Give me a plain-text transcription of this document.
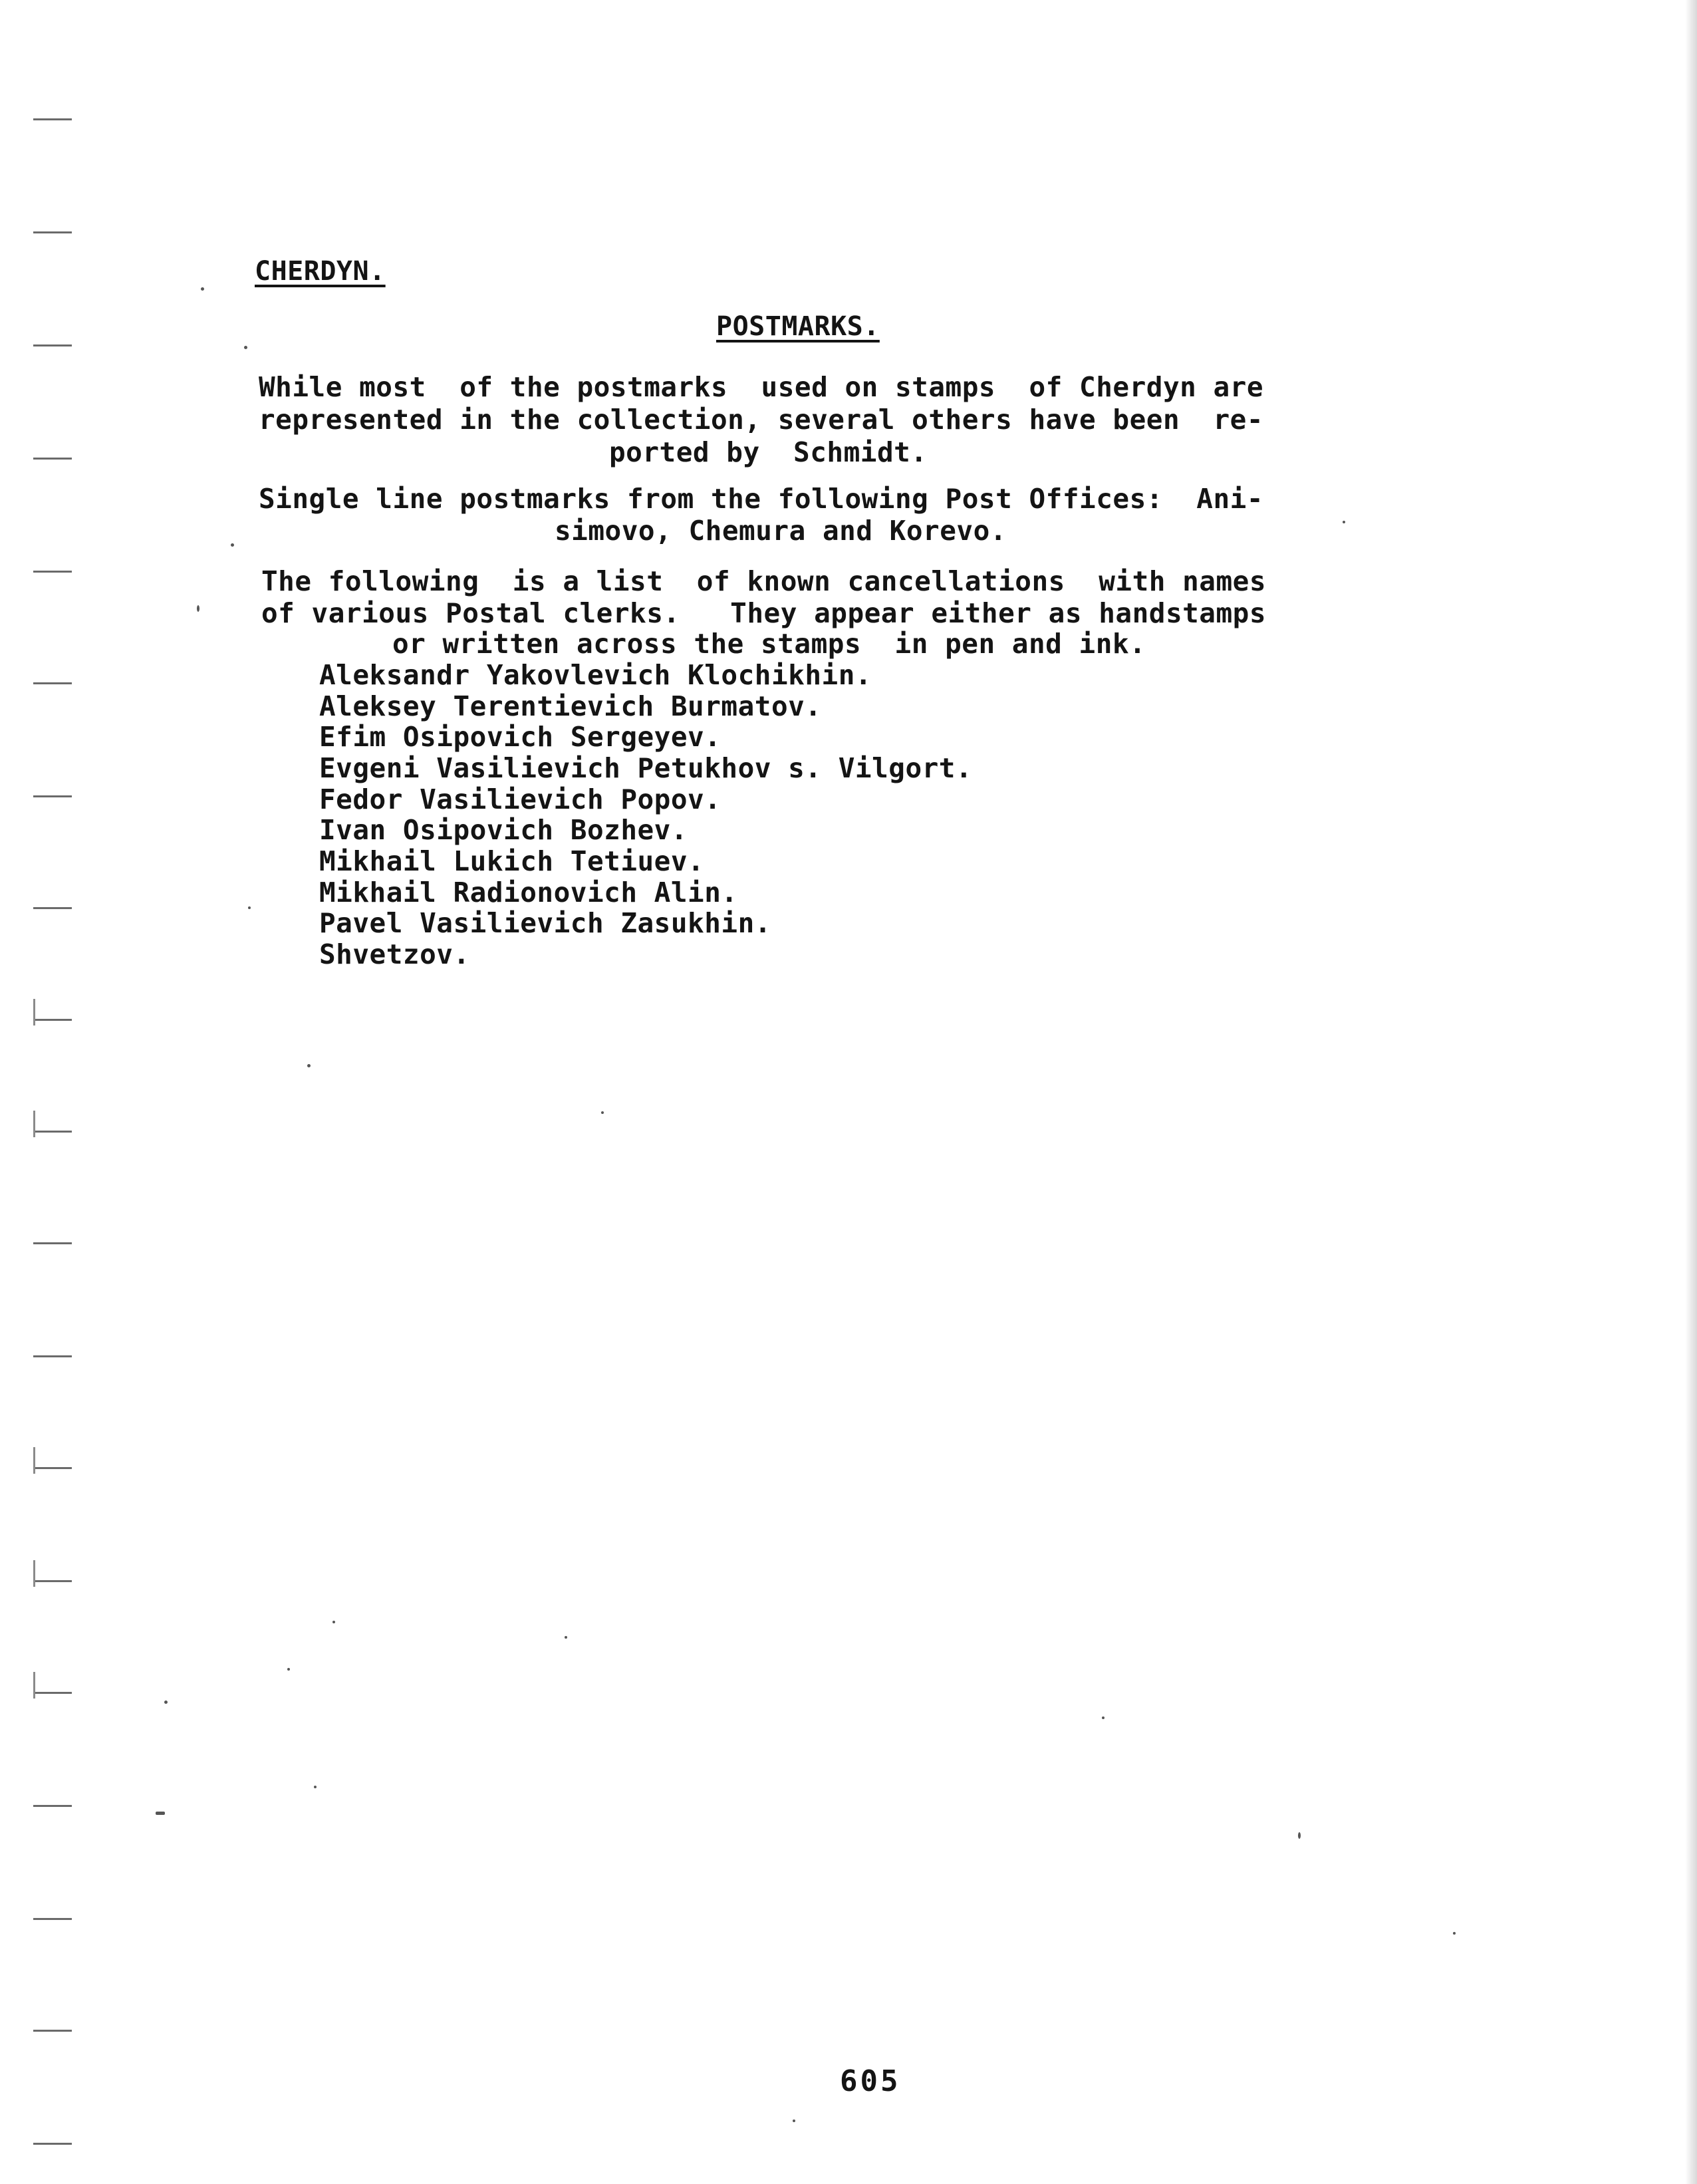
CHERDYN.
POSTMARKS.
While most  of the postmarks  used on stamps  of Cherdyn are
represented in the collection, several others have been  re-
ported by  Schmidt.
Single line postmarks from the following Post Offices:  Ani-
simovo, Chemura and Korevo.
The following  is a list  of known cancellations  with names
of various Postal clerks.   They appear either as handstamps
or written across the stamps  in pen and ink.
Aleksandr Yakovlevich Klochikhin.
Aleksey Terentievich Burmatov.
Efim Osipovich Sergeyev.
Evgeni Vasilievich Petukhov s. Vilgort.
Fedor Vasilievich Popov.
Ivan Osipovich Bozhev.
Mikhail Lukich Tetiuev.
Mikhail Radionovich Alin.
Pavel Vasilievich Zasukhin.
Shvetzov.
605
